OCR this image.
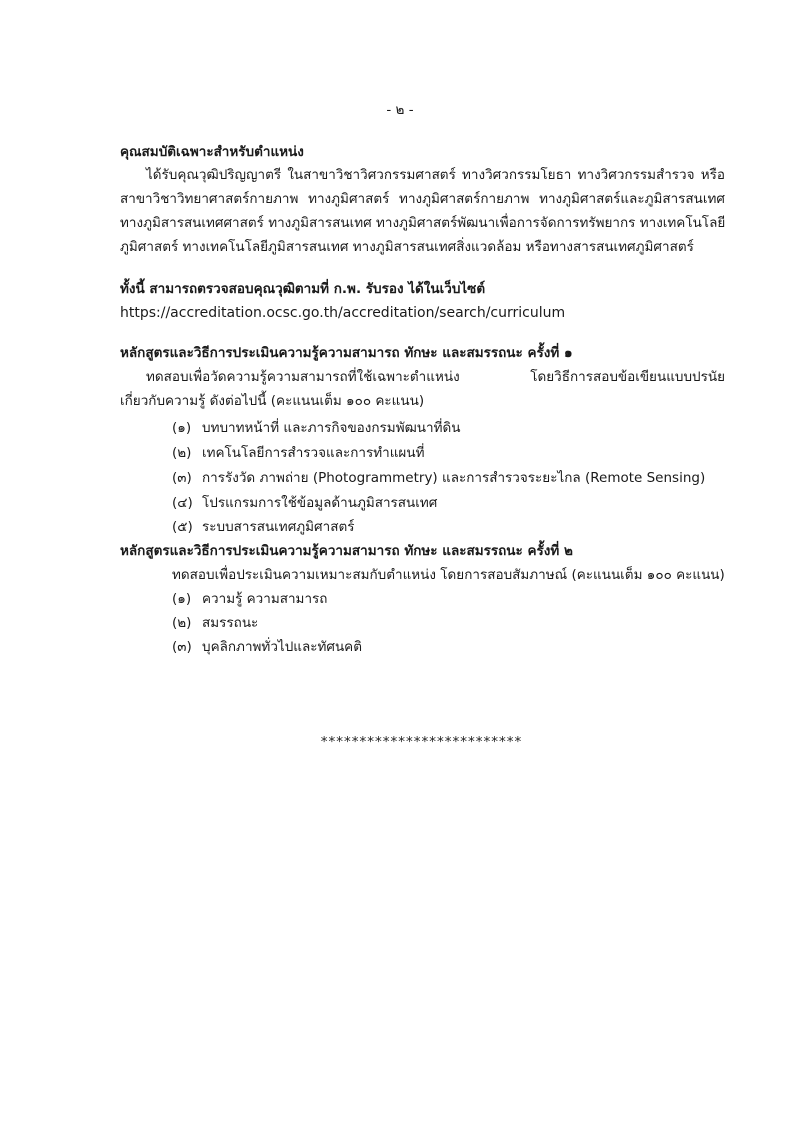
- ๒ -
คุณสมบัติเฉพาะสำหรับตำแหน่ง
ได้รับคุณวุฒิปริญญาตรี ในสาขาวิชาวิศวกรรมศาสตร์ ทางวิศวกรรมโยธา ทางวิศวกรรมสำรวจ หรือ
สาขาวิชาวิทยาศาสตร์กายภาพ ทางภูมิศาสตร์ ทางภูมิศาสตร์กายภาพ ทางภูมิศาสตร์และภูมิสารสนเทศ
ทางภูมิสารสนเทศศาสตร์ ทางภูมิสารสนเทศ ทางภูมิศาสตร์พัฒนาเพื่อการจัดการทรัพยากร ทางเทคโนโลยี
ภูมิศาสตร์ ทางเทคโนโลยีภูมิสารสนเทศ ทางภูมิสารสนเทศสิ่งแวดล้อม หรือทางสารสนเทศภูมิศาสตร์
ทั้งนี้ สามารถตรวจสอบคุณวุฒิตามที่ ก.พ. รับรอง ได้ในเว็บไซต์
https://accreditation.ocsc.go.th/accreditation/search/curriculum
หลักสูตรและวิธีการประเมินความรู้ความสามารถ ทักษะ และสมรรถนะ ครั้งที่ ๑
ทดสอบเพื่อวัดความรู้ความสามารถที่ใช้เฉพาะตำแหน่ง โดยวิธีการสอบข้อเขียนแบบปรนัย
เกี่ยวกับความรู้ ดังต่อไปนี้ (คะแนนเต็ม ๑๐๐ คะแนน)
(๑) บทบาทหน้าที่ และภารกิจของกรมพัฒนาที่ดิน
(๒) เทคโนโลยีการสำรวจและการทำแผนที่
(๓) การรังวัด ภาพถ่าย (Photogrammetry) และการสำรวจระยะไกล (Remote Sensing)
(๔) โปรแกรมการใช้ข้อมูลด้านภูมิสารสนเทศ
(๕) ระบบสารสนเทศภูมิศาสตร์
หลักสูตรและวิธีการประเมินความรู้ความสามารถ ทักษะ และสมรรถนะ ครั้งที่ ๒
ทดสอบเพื่อประเมินความเหมาะสมกับตำแหน่ง โดยการสอบสัมภาษณ์ (คะแนนเต็ม ๑๐๐ คะแนน)
(๑) ความรู้ ความสามารถ
(๒) สมรรถนะ
(๓) บุคลิกภาพทั่วไปและทัศนคติ
**************************
